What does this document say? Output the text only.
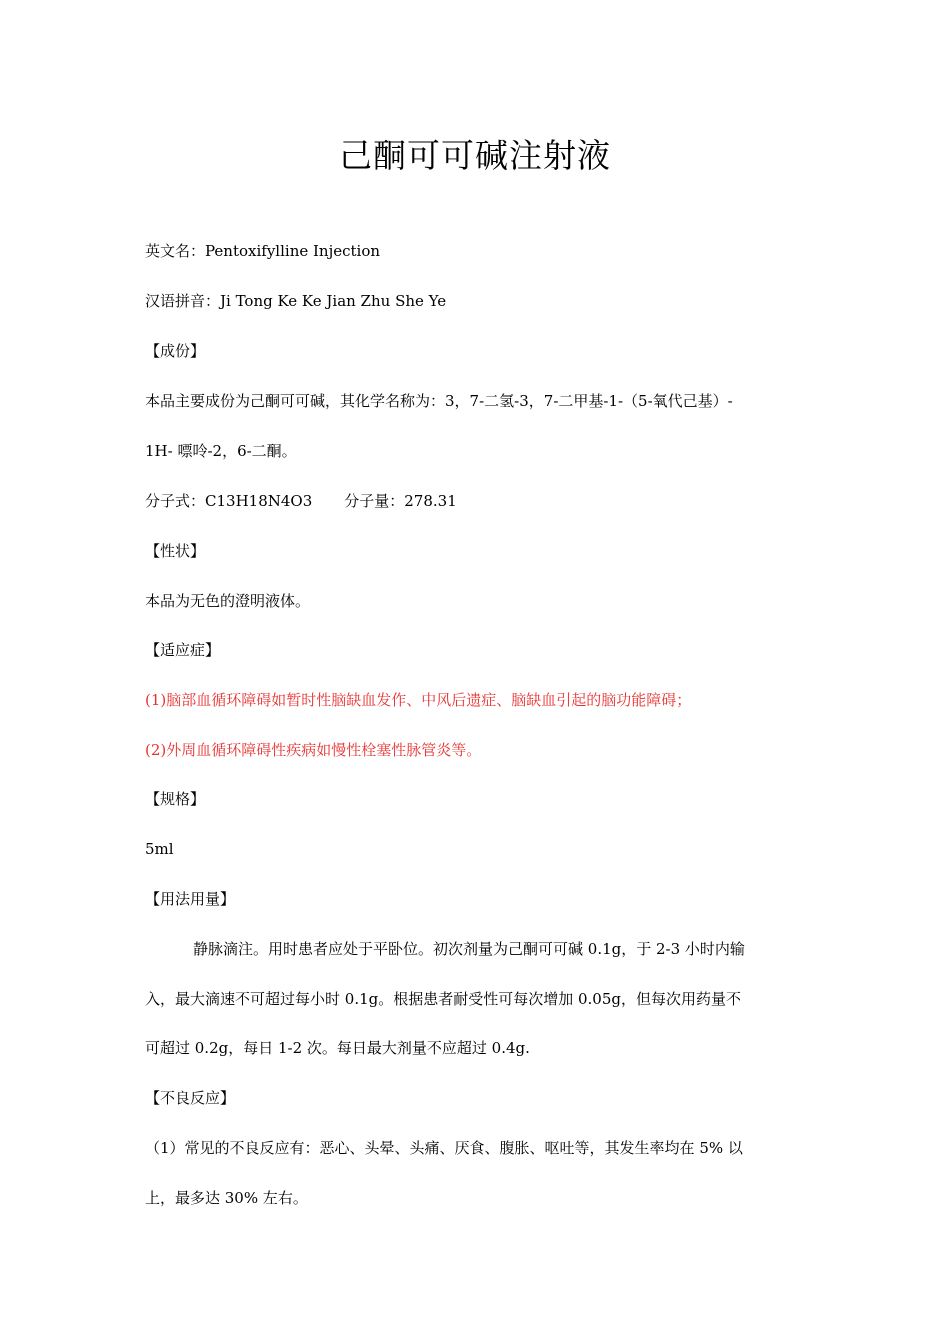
己酮可可碱注射液
英文名：Pentoxifylline Injection
汉语拼音：Ji Tong Ke Ke Jian Zhu She Ye
【成份】
本品主要成份为己酮可可碱，其化学名称为：3，7-二氢-3，7-二甲基-1-（5-氧代己基）-
1H- 嘌呤-2，6-二酮。
分子式：C13H18N4O3 分子量：278.31
【性状】
本品为无色的澄明液体。
【适应症】
(1)脑部血循环障碍如暂时性脑缺血发作、中风后遗症、脑缺血引起的脑功能障碍；
(2)外周血循环障碍性疾病如慢性栓塞性脉管炎等。
【规格】
5ml
【用法用量】
静脉滴注。用时患者应处于平卧位。初次剂量为己酮可可碱 0.1g，于 2-3 小时内输
入，最大滴速不可超过每小时 0.1g。根据患者耐受性可每次增加 0.05g，但每次用药量不
可超过 0.2g，每日 1-2 次。每日最大剂量不应超过 0.4g.
【不良反应】
（1）常见的不良反应有：恶心、头晕、头痛、厌食、腹胀、呕吐等，其发生率均在 5% 以
上，最多达 30% 左右。
